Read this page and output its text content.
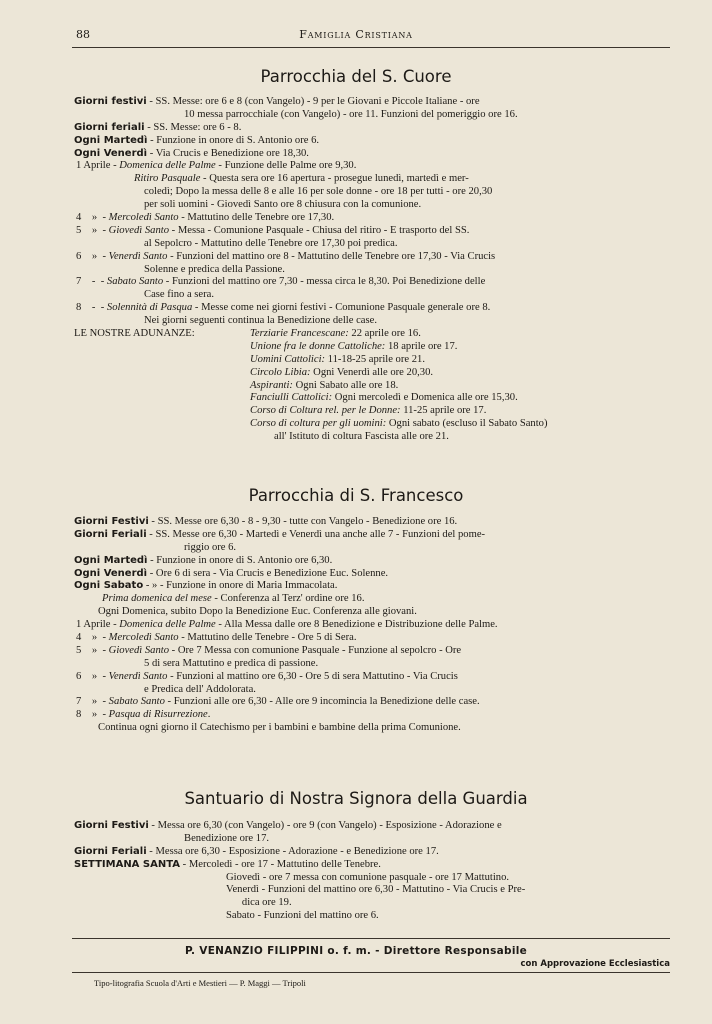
88	Famiglia Cristiana
Parrocchia del S. Cuore
Giorni festivi - SS. Messe: ore 6 e 8 (con Vangelo) - 9 per le Giovani e Piccole Italiane - ore
10 messa parrocchiale (con Vangelo) - ore 11. Funzioni del pomeriggio ore 16.
Giorni feriali - SS. Messe: ore 6 - 8.
Ogni Martedì - Funzione in onore di S. Antonio ore 6.
Ogni Venerdì - Via Crucis e Benedizione ore 18,30.
1 Aprile - Domenica delle Palme - Funzione delle Palme ore 9,30.
Ritiro Pasquale - Questa sera ore 16 apertura - prosegue lunedì, martedì e mer-
coledì; Dopo la messa delle 8 e alle 16 per sole donne - ore 18 per tutti - ore 20,30
per soli uomini - Giovedì Santo ore 8 chiusura con la comunione.
4    »  - Mercoledì Santo - Mattutino delle Tenebre ore 17,30.
5    »  - Giovedì Santo - Messa - Comunione Pasquale - Chiusa del ritiro - E trasporto del SS.
al Sepolcro - Mattutino delle Tenebre ore 17,30 poi predica.
6    »  - Venerdì Santo - Funzioni del mattino ore 8 - Mattutino delle Tenebre ore 17,30 - Via Crucis
Solenne e predica della Passione.
7    -  - Sabato Santo - Funzioni del mattino ore 7,30 - messa circa le 8,30. Poi Benedizione delle
Case fino a sera.
8    -  - Solennità di Pasqua - Messe come nei giorni festivi - Comunione Pasquale generale ore 8.
Nei giorni seguenti continua la Benedizione delle case.
LE NOSTRE ADUNANZE:	Terziarie Francescane: 22 aprile ore 16.
Unione fra le donne Cattoliche: 18 aprile ore 17.
Uomini Cattolici: 11-18-25 aprile ore 21.
Circolo Libia: Ogni Venerdì alle ore 20,30.
Aspiranti: Ogni Sabato alle ore 18.
Fanciulli Cattolici: Ogni mercoledì e Domenica alle ore 15,30.
Corso di Coltura rel. per le Donne: 11-25 aprile ore 17.
Corso di coltura per gli uomini: Ogni sabato (escluso il Sabato Santo)
all' Istituto di coltura Fascista alle ore 21.
Parrocchia di S. Francesco
Giorni Festivi - SS. Messe ore 6,30 - 8 - 9,30 - tutte con Vangelo - Benedizione ore 16.
Giorni Feriali - SS. Messe ore 6,30 - Martedì e Venerdì una anche alle 7 - Funzioni del pome-
riggio ore 6.
Ogni Martedì - Funzione in onore di S. Antonio ore 6,30.
Ogni Venerdì - Ore 6 di sera - Via Crucis e Benedizione Euc. Solenne.
Ogni Sabato - » - Funzione in onore di Maria Immacolata.
Prima domenica del mese - Conferenza al Terz' ordine ore 16.
Ogni Domenica, subito Dopo la Benedizione Euc. Conferenza alle giovani.
1 Aprile - Domenica delle Palme - Alla Messa dalle ore 8 Benedizione e Distribuzione delle Palme.
4    »  - Mercoledì Santo - Mattutino delle Tenebre - Ore 5 di Sera.
5    »  - Giovedì Santo - Ore 7 Messa con comunione Pasquale - Funzione al sepolcro - Ore
5 di sera Mattutino e predica di passione.
6    »  - Venerdì Santo - Funzioni al mattino ore 6,30 - Ore 5 di sera Mattutino - Via Crucis
e Predica dell' Addolorata.
7    »  - Sabato Santo - Funzioni alle ore 6,30 - Alle ore 9 incomincia la Benedizione delle case.
8    »  - Pasqua di Risurrezione.
Continua ogni giorno il Catechismo per i bambini e bambine della prima Comunione.
Santuario di Nostra Signora della Guardia
Giorni Festivi - Messa ore 6,30 (con Vangelo) - ore 9 (con Vangelo) - Esposizione - Adorazione e
Benedizione ore 17.
Giorni Feriali - Messa ore 6,30 - Esposizione - Adorazione - e Benedizione ore 17.
SETTIMANA SANTA - Mercoledì - ore 17 - Mattutino delle Tenebre.
Giovedì - ore 7 messa con comunione pasquale - ore 17 Mattutino.
Venerdì - Funzioni del mattino ore 6,30 - Mattutino - Via Crucis e Pre-
dica ore 19.
Sabato - Funzioni del mattino ore 6.
P. VENANZIO FILIPPINI o. f. m. - Direttore Responsabile
con Approvazione Ecclesiastica
Tipo-litografia Scuola d'Arti e Mestieri — P. Maggi — Tripoli
